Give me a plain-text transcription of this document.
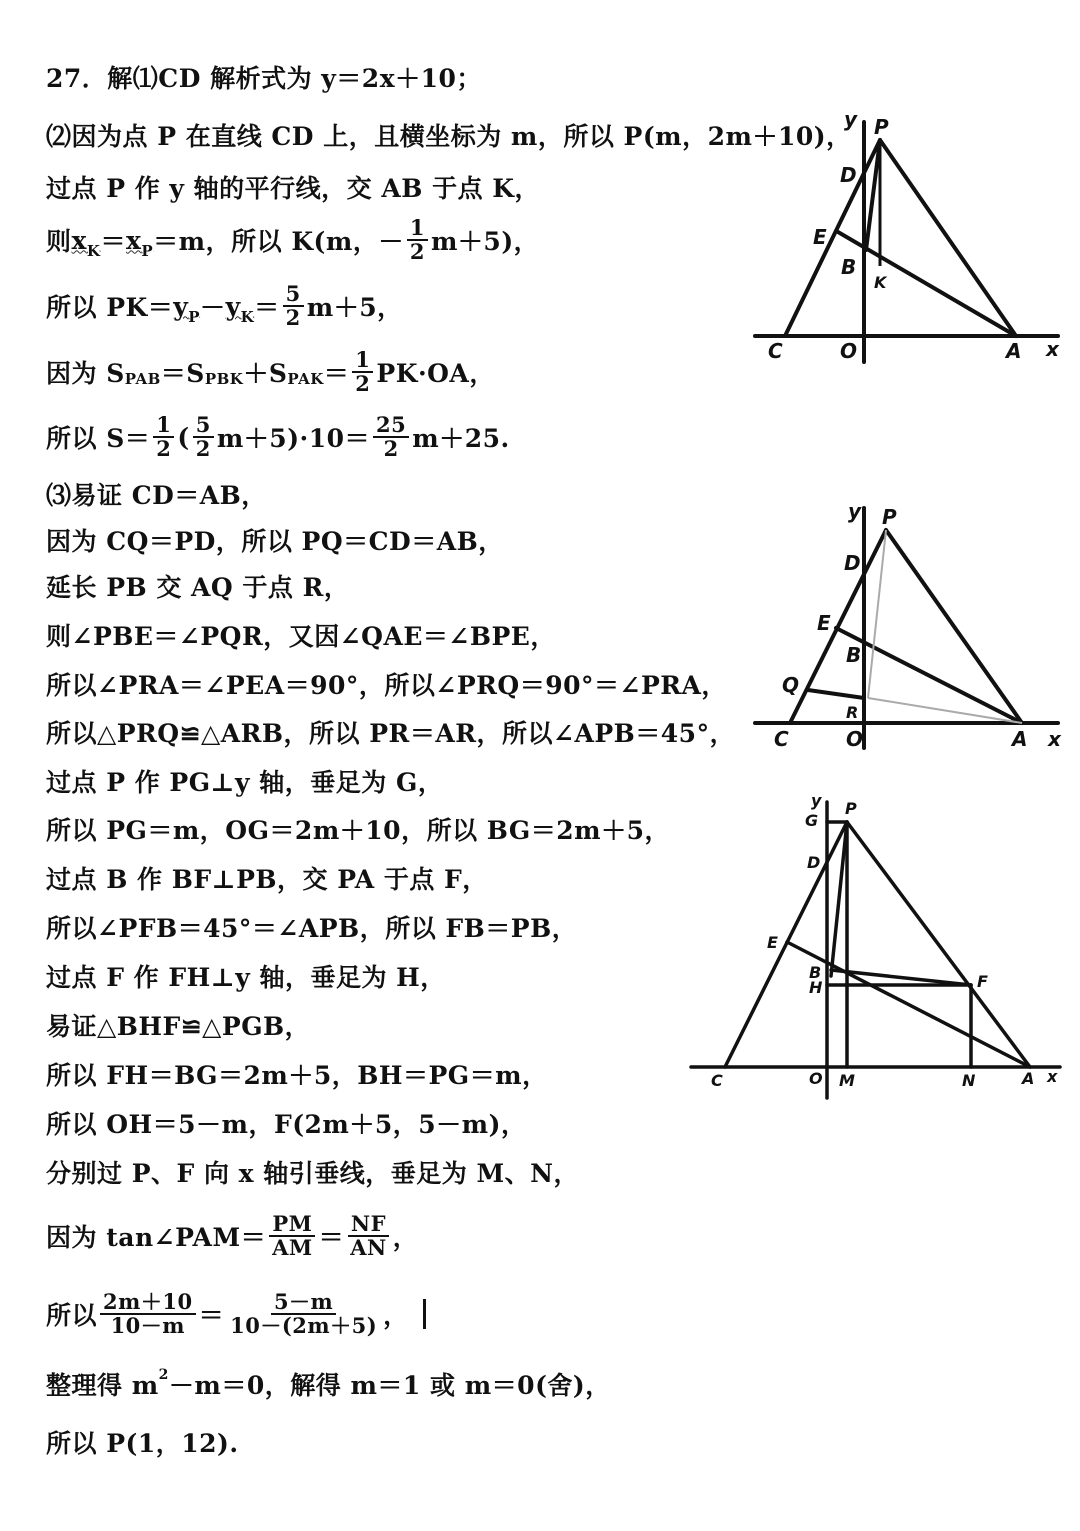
27．解⑴CD 解析式为 y＝2x＋10；
⑵因为点 P 在直线 CD 上，且横坐标为 m，所以 P(m，2m＋10)，
过点 P 作 y 轴的平行线，交 AB 于点 K，
则 $x_K = x_P =m$，所以 K(m，－ $\frac{1}{2} m+5$)，
所以 $PK= y_P - y_K = \frac{5}{2} m+5$，
因为 S PAB ＝S PBK ＋S PAK ＝ $\frac{1}{2} PK\cdot OA$，
所以 $S= \frac{1}{2}$ ( $\frac{5}{2} m+5)\cdot 10= \frac{25}{2} m+25$.
⑶易证 CD＝AB，
因为 CQ＝PD，所以 PQ＝CD＝AB，
延长 PB 交 AQ 于点 R，
则∠PBE＝∠PQR，又因∠QAE＝∠BPE，
所以∠PRA＝∠PEA＝90°，所以∠PRQ＝90°＝∠PRA，
所以△PRQ≌△ARB，所以 PR＝AR，所以∠APB＝45°，
过点 P 作 PG⊥y 轴，垂足为 G，
所以 PG＝m，OG＝2m＋10，所以 BG＝2m＋5，
过点 B 作 BF⊥PB，交 PA 于点 F，
所以∠PFB＝45°＝∠APB，所以 FB＝PB，
过点 F 作 FH⊥y 轴，垂足为 H，
易证△BHF≌△PGB，
所以 FH＝BG＝2m＋5，BH＝PG＝m，
所以 OH＝5－m，F(2m＋5，5－m)，
分别过 P、F 向 x 轴引垂线，垂足为 M、N，
因为 tan∠PAM＝ $\frac{PM}{AM} = \frac{NF}{AN}$ ，
所以 $\frac{2m+10}{10-m} = \frac{5-m}{10-(2m+5)}$ ，
整理得 m 2 －m＝0，解得 m＝1 或 m＝0(舍)，
所以 P(1，12).
y P
D
E
B
K
C	O	A x
y P
D
E
B
Q
R
C	O	A x
y P
G
D
E
B
H	F
C	O M	N	A x
